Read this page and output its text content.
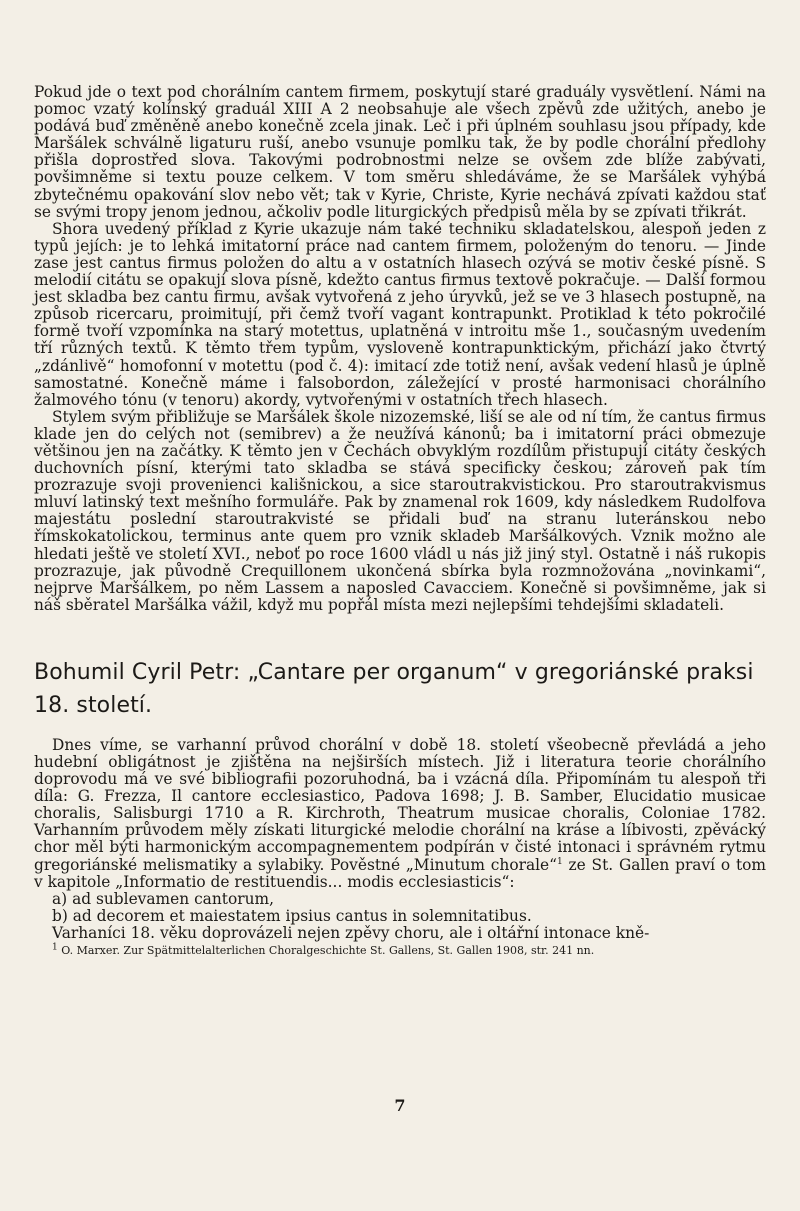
Pokud jde o text pod chorálním cantem firmem, poskytují staré graduály vysvětlení. Námi na pomoc vzatý kolínský graduál XIII A 2 neobsahuje ale všech zpěvů zde užitých, anebo je podává buď změněně anebo konečně zcela jinak. Leč i při úplném souhlasu jsou případy, kde Maršálek schválně ligaturu ruší, anebo vsunuje pomlku tak, že by podle chorální předlohy přišla doprostřed slova. Takovými podrobnostmi nelze se ovšem zde blíže zabývati, povšimněme si textu pouze celkem. V tom směru shledáváme, že se Maršálek vyhýbá zbytečnému opakování slov nebo vět; tak v Kyrie, Christe, Kyrie nechává zpívati každou stať se svými tropy jenom jednou, ačkoliv podle liturgických předpisů měla by se zpívati třikrát.

Shora uvedený příklad z Kyrie ukazuje nám také techniku skladatelskou, alespoň jeden z typů jejích: je to lehká imitatorní práce nad cantem firmem, položeným do tenoru. — Jinde zase jest cantus firmus položen do altu a v ostatních hlasech ozývá se motiv české písně. S melodií citátu se opakují slova písně, kdežto cantus firmus textově pokračuje. — Další formou jest skladba bez cantu firmu, avšak vytvořená z jeho úryvků, jež se ve 3 hlasech postupně, na způsob ricercaru, proimitují, při čemž tvoří vagant kontrapunkt. Protiklad k této pokročilé formě tvoří vzpomínka na starý motettus, uplatněná v introitu mše 1., současným uvedením tří různých textů. K těmto třem typům, vysloveně kontrapunktickým, přichází jako čtvrtý „zdánlivě“ homofonní v motettu (pod č. 4): imitací zde totiž není, avšak vedení hlasů je úplně samostatné. Konečně máme i falsobordon, záležející v prosté harmonisaci chorálního žalmového tónu (v tenoru) akordy, vytvořenými v ostatních třech hlasech.

Stylem svým přibližuje se Maršálek škole nizozemské, liší se ale od ní tím, že cantus firmus klade jen do celých not (semibrev) a že neužívá kánonů; ba i imitatorní práci obmezuje většinou jen na začátky. K těmto jen v Čechách obvyklým rozdílům přistupují citáty českých duchovních písní, kterými tato skladba se stává specificky českou; zároveň pak tím prozrazuje svoji provenienci kališnickou, a sice staroutrakvistickou. Pro staroutrakvismus mluví latinský text mešního formuláře. Pak by znamenal rok 1609, kdy následkem Rudolfova majestátu poslední staroutrakvisté se přidali buď na stranu luteránskou nebo římskokatolickou, terminus ante quem pro vznik skladeb Maršálkových. Vznik možno ale hledati ještě ve století XVI., neboť po roce 1600 vládl u nás již jiný styl. Ostatně i náš rukopis prozrazuje, jak původně Crequillonem ukončená sbírka byla rozmnožována „novinkami“, nejprve Maršálkem, po něm Lassem a naposled Cavacciem. Konečně si povšimněme, jak si náš sběratel Maršálka vážil, když mu popřál místa mezi nejlepšími tehdejšími skladateli.

Bohumil Cyril Petr: „Cantare per organum“ v gregoriánské praksi 18. století.

Dnes víme, se varhanní průvod chorální v době 18. století všeobecně převládá a jeho hudební obligátnost je zjištěna na nejširších místech. Již i literatura teorie chorálního doprovodu má ve své bibliografii pozoruhodná, ba i vzácná díla. Připomínám tu alespoň tři díla: G. Frezza, Il cantore ecclesiastico, Padova 1698; J. B. Samber, Elucidatio musicae choralis, Salisburgi 1710 a R. Kirchroth, Theatrum musicae choralis, Coloniae 1782. Varhanním průvodem měly získati liturgické melodie chorální na kráse a líbivosti, zpěvácký chor měl býti harmonickým accompagnementem podpírán v čisté intonaci i správném rytmu gregoriánské melismatiky a sylabiky. Pověstné „Minutum chorale“$^1$ ze St. Gallen praví o tom v kapitole „Informatio de restituendis... modis ecclesiasticis“:

a) ad sublevamen cantorum,
b) ad decorem et maiestatem ipsius cantus in solemnitatibus.

Varhaníci 18. věku doprovázeli nejen zpěvy choru, ale i oltářní intonace kně-

$^1$ O. Marxer. Zur Spätmittelalterlichen Choralgeschichte St. Gallens, St. Gallen 1908, str. 241 nn.

7
